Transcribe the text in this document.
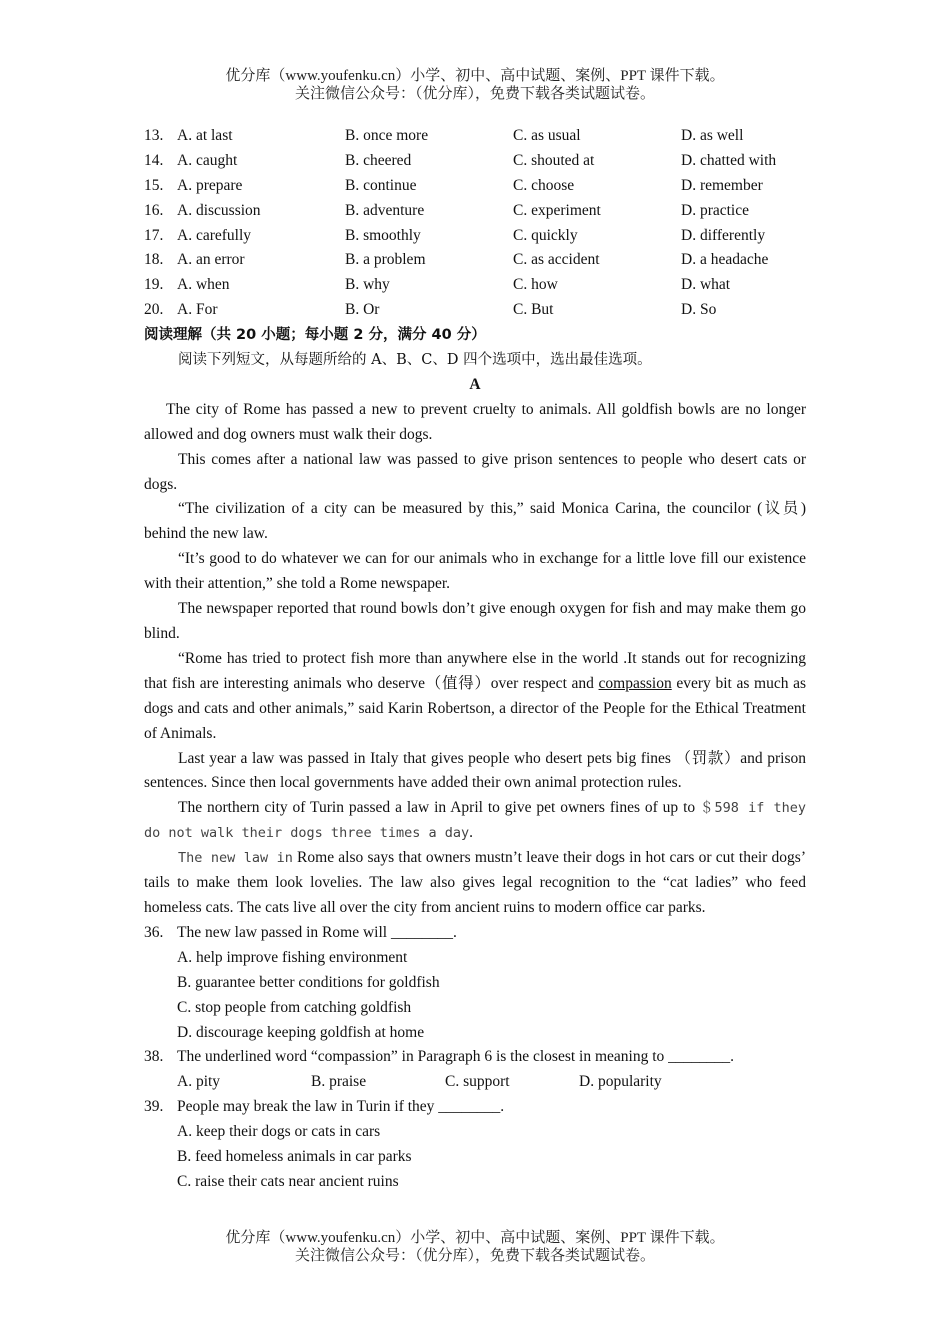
优分库（www.youfenku.cn）小学、初中、高中试题、案例、PPT 课件下载。
关注微信公众号：（优分库），免费下载各类试题试卷。
13. A. at last	B. once more	C. as usual	D. as well
14. A. caught	B. cheered	C. shouted at	D. chatted with
15. A. prepare	B. continue	C. choose	D. remember
16. A. discussion	B. adventure	C. experiment	D. practice
17. A. carefully	B. smoothly	C. quickly	D. differently
18. A. an error	B. a problem	C. as accident	D. a headache
19. A. when	B. why	C. how	D. what
20. A. For	B. Or	C. But	D. So
阅读理解（共 20 小题；每小题 2 分，满分 40 分）
阅读下列短文，从每题所给的 A、B、C、D 四个选项中，选出最佳选项。
A

The city of Rome has passed a new to prevent cruelty to animals. All goldfish bowls are no longer allowed and dog owners must walk their dogs.

This comes after a national law was passed to give prison sentences to people who desert cats or dogs.

“The civilization of a city can be measured by this,” said Monica Carina, the councilor (议员) behind the new law.

“It’s good to do whatever we can for our animals who in exchange for a little love fill our existence with their attention,” she told a Rome newspaper.

The newspaper reported that round bowls don’t give enough oxygen for fish and may make them go blind.

“Rome has tried to protect fish more than anywhere else in the world .It stands out for recognizing that fish are interesting animals who deserve（值得）over respect and compassion every bit as much as dogs and cats and other animals,” said Karin Robertson, a director of the People for the Ethical Treatment of Animals.

Last year a law was passed in Italy that gives people who desert pets big fines （罚款）and prison sentences. Since then local governments have added their own animal protection rules.

The northern city of Turin passed a law in April to give pet owners fines of up to ＄598 if they do not walk their dogs three times a day.

The new law in Rome also says that owners mustn’t leave their dogs in hot cars or cut their dogs’ tails to make them look lovelies. The law also gives legal recognition to the “cat ladies” who feed homeless cats. The cats live all over the city from ancient ruins to modern office car parks.

36. The new law passed in Rome will ________.
A. help improve fishing environment
B. guarantee better conditions for goldfish
C. stop people from catching goldfish
D. discourage keeping goldfish at home
38. The underlined word “compassion” in Paragraph 6 is the closest in meaning to ________.
A. pity	B. praise	C. support	D. popularity
39. People may break the law in Turin if they ________.
A. keep their dogs or cats in cars
B. feed homeless animals in car parks
C. raise their cats near ancient ruins
优分库（www.youfenku.cn）小学、初中、高中试题、案例、PPT 课件下载。
关注微信公众号：（优分库），免费下载各类试题试卷。
